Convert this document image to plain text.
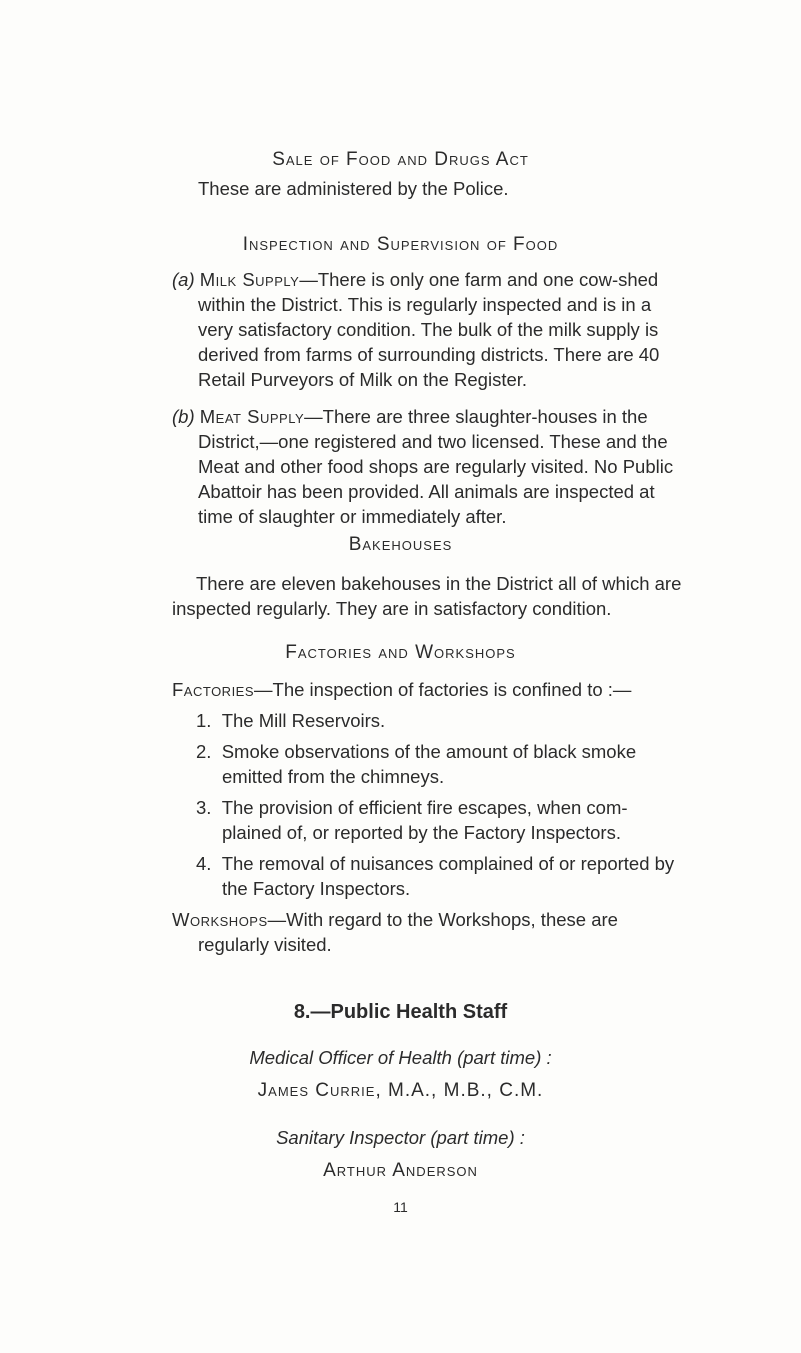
Sale of Food and Drugs Act

These are administered by the Police.

Inspection and Supervision of Food

(a) Milk Supply—There is only one farm and one cow-shed within the District. This is regularly inspected and is in a very satisfactory condition. The bulk of the milk supply is derived from farms of surrounding districts. There are 40 Retail Purveyors of Milk on the Register.

(b) Meat Supply—There are three slaughter-houses in the District,—one registered and two licensed. These and the Meat and other food shops are regularly visited. No Public Abattoir has been provided. All animals are inspected at time of slaughter or immediately after.

Bakehouses

There are eleven bakehouses in the District all of which are inspected regularly. They are in satisfactory condition.

Factories and Workshops

Factories—The inspection of factories is confined to :—

1. The Mill Reservoirs.

2. Smoke observations of the amount of black smoke emitted from the chimneys.

3. The provision of efficient fire escapes, when com- plained of, or reported by the Factory Inspectors.

4. The removal of nuisances complained of or reported by the Factory Inspectors.

Workshops—With regard to the Workshops, these are regularly visited.

8.—Public Health Staff

Medical Officer of Health (part time) :

James Currie, M.A., M.B., C.M.

Sanitary Inspector (part time) :

Arthur Anderson

11
